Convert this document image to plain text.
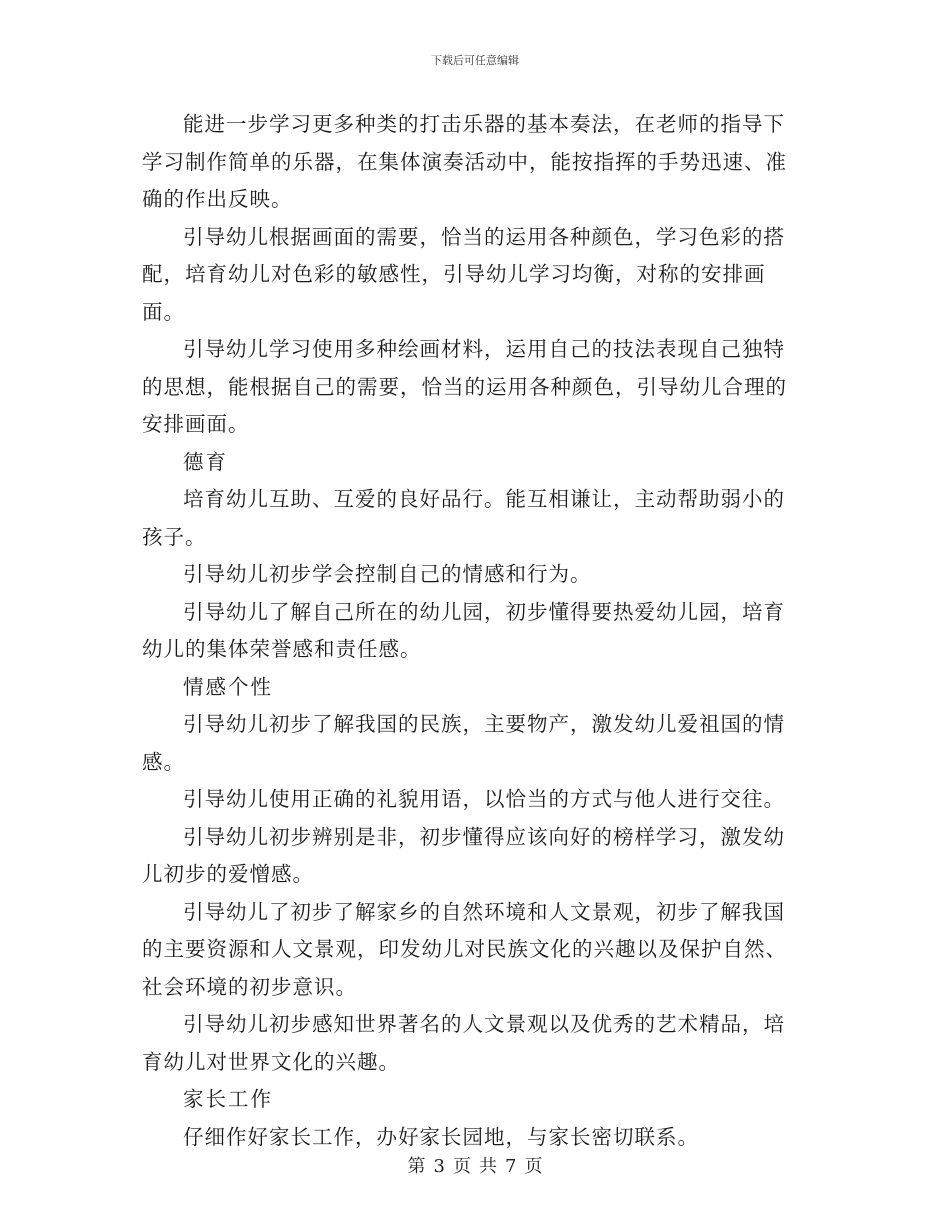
下载后可任意编辑

能进一步学习更多种类的打击乐器的基本奏法，在老师的指导下学习制作简单的乐器，在集体演奏活动中，能按指挥的手势迅速、准确的作出反映。

引导幼儿根据画面的需要，恰当的运用各种颜色，学习色彩的搭配，培育幼儿对色彩的敏感性，引导幼儿学习均衡，对称的安排画面。

引导幼儿学习使用多种绘画材料，运用自己的技法表现自己独特的思想，能根据自己的需要，恰当的运用各种颜色，引导幼儿合理的安排画面。

德育

培育幼儿互助、互爱的良好品行。能互相谦让，主动帮助弱小的孩子。

引导幼儿初步学会控制自己的情感和行为。

引导幼儿了解自己所在的幼儿园，初步懂得要热爱幼儿园，培育幼儿的集体荣誉感和责任感。

情感个性

引导幼儿初步了解我国的民族，主要物产，激发幼儿爱祖国的情感。

引导幼儿使用正确的礼貌用语，以恰当的方式与他人进行交往。

引导幼儿初步辨别是非，初步懂得应该向好的榜样学习，激发幼儿初步的爱憎感。

引导幼儿了初步了解家乡的自然环境和人文景观，初步了解我国的主要资源和人文景观，印发幼儿对民族文化的兴趣以及保护自然、社会环境的初步意识。

引导幼儿初步感知世界著名的人文景观以及优秀的艺术精品，培育幼儿对世界文化的兴趣。

家长工作

仔细作好家长工作，办好家长园地，与家长密切联系。

第 3 页 共 7 页
